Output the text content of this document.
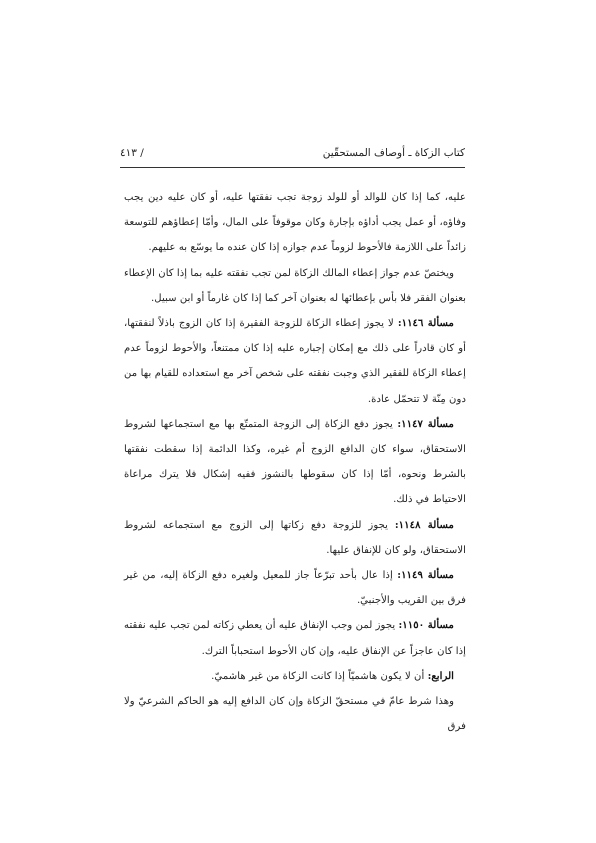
كتاب الزكاة ـ أوصاف المستحقّين
/ ٤١٣

عليه، كما إذا كان للوالد أو للولد زوجة تجب نفقتها عليه، أو كان عليه دين يجب وفاؤه، أو عمل يجب أداؤه بإجارة وكان موقوفاً على المال، وأمّا إعطاؤهم للتوسعة زائداً على اللازمة فالأحوط لزوماً عدم جوازه إذا كان عنده ما يوسّع به عليهم.

ويختصّ عدم جواز إعطاء المالك الزكاة لمن تجب نفقته عليه بما إذا كان الإعطاء بعنوان الفقر فلا بأس بإعطائها له بعنوان آخر كما إذا كان غارماً أو ابن سبيل.

مسألة ١١٤٦: لا يجوز إعطاء الزكاة للزوجة الفقيرة إذا كان الزوج باذلاً لنفقتها، أو كان قادراً على ذلك مع إمكان إجباره عليه إذا كان ممتنعاً، والأحوط لزوماً عدم إعطاء الزكاة للفقير الذي وجبت نفقته على شخص آخر مع استعداده للقيام بها من دون مِنّة لا تتحمّل عادة.

مسألة ١١٤٧: يجوز دفع الزكاة إلى الزوجة المتمتّع بها مع استجماعها لشروط الاستحقاق، سواء كان الدافع الزوج أم غيره، وكذا الدائمة إذا سقطت نفقتها بالشرط ونحوه، أمّا إذا كان سقوطها بالنشوز ففيه إشكال فلا يترك مراعاة الاحتياط في ذلك.

مسألة ١١٤٨: يجوز للزوجة دفع زكاتها إلى الزوج مع استجماعه لشروط الاستحقاق، ولو كان للإنفاق عليها.

مسألة ١١٤٩: إذا عال بأحد تبرّعاً جاز للمعيل ولغيره دفع الزكاة إليه، من غير فرق بين القريب والأجنبيّ.

مسألة ١١٥٠: يجوز لمن وجب الإنفاق عليه أن يعطي زكاته لمن تجب عليه نفقته إذا كان عاجزاً عن الإنفاق عليه، وإن كان الأحوط استحباباً الترك.

الرابع: أن لا يكون هاشميّاً إذا كانت الزكاة من غير هاشميّ.

وهذا شرط عامّ في مستحقّ الزكاة وإن كان الدافع إليه هو الحاكم الشرعيّ ولا فرق
